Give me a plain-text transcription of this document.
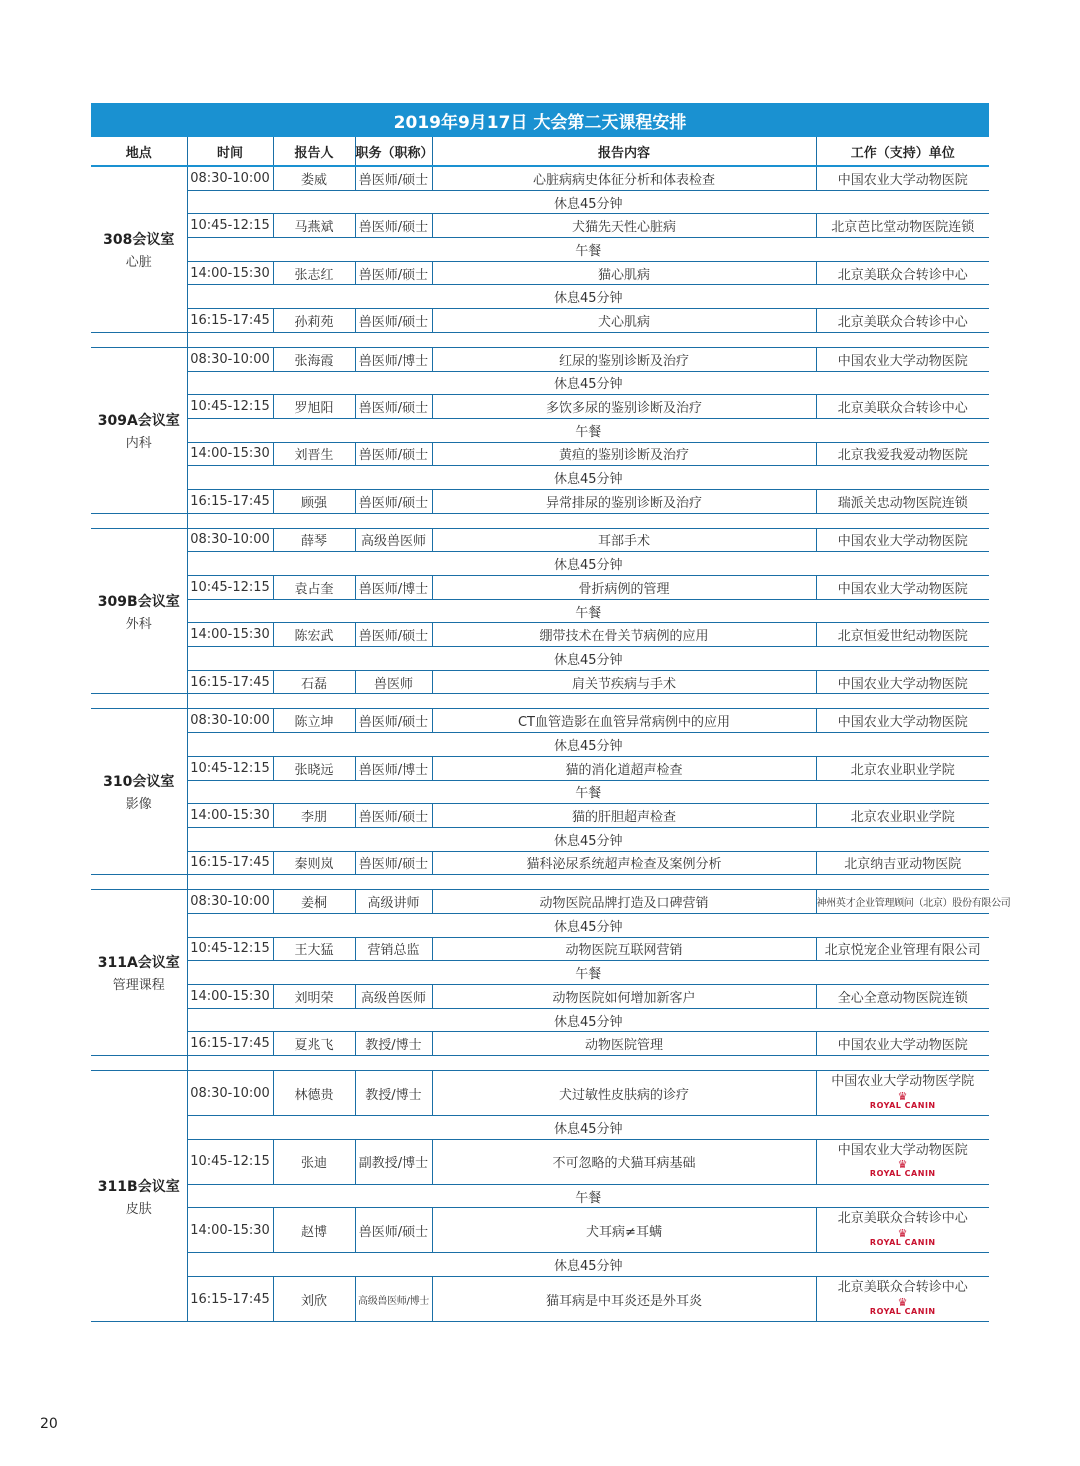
2019年9月17日 大会第二天课程安排					
地点	时间	报告人	职务（职称）	报告内容	工作（支持）单位

308会议室
心脏	08:30-10:00	娄威	兽医师/硕士	心脏病病史体征分析和体表检查	中国农业大学动物医院
	休息45分钟				
	10:45-12:15	马燕斌	兽医师/硕士	犬猫先天性心脏病	北京芭比堂动物医院连锁
	午餐				
	14:00-15:30	张志红	兽医师/硕士	猫心肌病	北京美联众合转诊中心
	休息45分钟				
	16:15-17:45	孙莉苑	兽医师/硕士	犬心肌病	北京美联众合转诊中心

309A会议室
内科	08:30-10:00	张海霞	兽医师/博士	红尿的鉴别诊断及治疗	中国农业大学动物医院
	休息45分钟				
	10:45-12:15	罗旭阳	兽医师/硕士	多饮多尿的鉴别诊断及治疗	北京美联众合转诊中心
	午餐				
	14:00-15:30	刘晋生	兽医师/硕士	黄疸的鉴别诊断及治疗	北京我爱我爱动物医院
	休息45分钟				
	16:15-17:45	顾强	兽医师/硕士	异常排尿的鉴别诊断及治疗	瑞派关忠动物医院连锁

309B会议室
外科	08:30-10:00	薛琴	高级兽医师	耳部手术	中国农业大学动物医院
	休息45分钟				
	10:45-12:15	袁占奎	兽医师/博士	骨折病例的管理	中国农业大学动物医院
	午餐				
	14:00-15:30	陈宏武	兽医师/硕士	绷带技术在骨关节病例的应用	北京恒爱世纪动物医院
	休息45分钟				
	16:15-17:45	石磊	兽医师	肩关节疾病与手术	中国农业大学动物医院

310会议室
影像	08:30-10:00	陈立坤	兽医师/硕士	CT血管造影在血管异常病例中的应用	中国农业大学动物医院
	休息45分钟				
	10:45-12:15	张晓远	兽医师/博士	猫的消化道超声检查	北京农业职业学院
	午餐				
	14:00-15:30	李朋	兽医师/硕士	猫的肝胆超声检查	北京农业职业学院
	休息45分钟				
	16:15-17:45	秦则岚	兽医师/硕士	猫科泌尿系统超声检查及案例分析	北京纳吉亚动物医院

311A会议室
管理课程	08:30-10:00	姜桐	高级讲师	动物医院品牌打造及口碑营销	神州英才企业管理顾问（北京）股份有限公司
	休息45分钟				
	10:45-12:15	王大猛	营销总监	动物医院互联网营销	北京悦宠企业管理有限公司
	午餐				
	14:00-15:30	刘明荣	高级兽医师	动物医院如何增加新客户	全心全意动物医院连锁
	休息45分钟				
	16:15-17:45	夏兆飞	教授/博士	动物医院管理	中国农业大学动物医院

311B会议室
皮肤	08:30-10:00	林德贵	教授/博士	犬过敏性皮肤病的诊疗	中国农业大学动物医学院

♛
ROYAL CANIN
	休息45分钟				
	10:45-12:15	张迪	副教授/博士	不可忽略的犬猫耳病基础	中国农业大学动物医院

♛
ROYAL CANIN
	午餐				
	14:00-15:30	赵博	兽医师/硕士	犬耳病≠耳螨	北京美联众合转诊中心

♛
ROYAL CANIN
	休息45分钟				
	16:15-17:45	刘欣	高级兽医师/博士	猫耳病是中耳炎还是外耳炎	北京美联众合转诊中心

♛
ROYAL CANIN
20
